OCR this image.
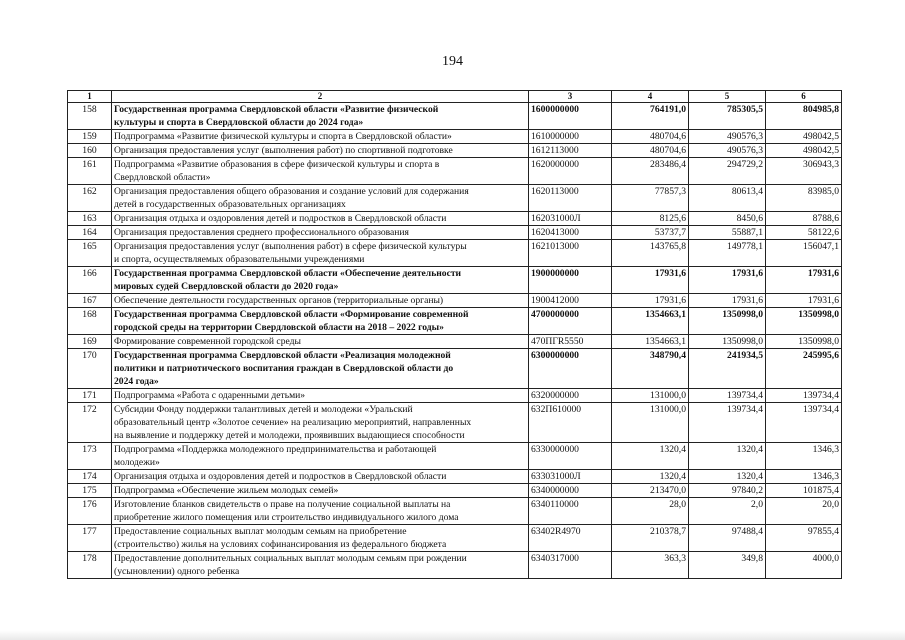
194
1	2	3	4	5	6
158	Государственная программа Свердловской области «Развитие физической
культуры и спорта в Свердловской области до 2024 года»	1600000000	764191,0	785305,5	804985,8
159	Подпрограмма «Развитие физической культуры и спорта в Свердловской области»	1610000000	480704,6	490576,3	498042,5
160	Организация предоставления услуг (выполнения работ) по спортивной подготовке	1612113000	480704,6	490576,3	498042,5
161	Подпрограмма «Развитие образования в сфере физической культуры и спорта в
Свердловской области»	1620000000	283486,4	294729,2	306943,3
162	Организация предоставления общего образования и создание условий для содержания
детей в государственных образовательных организациях	1620113000	77857,3	80613,4	83985,0
163	Организация отдыха и оздоровления детей и подростков в Свердловской области	162031000Л	8125,6	8450,6	8788,6
164	Организация предоставления среднего профессионального образования	1620413000	53737,7	55887,1	58122,6
165	Организация предоставления услуг (выполнения работ) в сфере физической культуры
и спорта, осуществляемых образовательными учреждениями	1621013000	143765,8	149778,1	156047,1
166	Государственная программа Свердловской области «Обеспечение деятельности
мировых судей Свердловской области до 2020 года»	1900000000	17931,6	17931,6	17931,6
167	Обеспечение деятельности государственных органов (территориальные органы)	1900412000	17931,6	17931,6	17931,6
168	Государственная программа Свердловской области «Формирование современной
городской среды на территории Свердловской области на 2018 – 2022 годы»	4700000000	1354663,1	1350998,0	1350998,0
169	Формирование современной городской среды	470ПГR5550	1354663,1	1350998,0	1350998,0
170	Государственная программа Свердловской области «Реализация молодежной
политики и патриотического воспитания граждан в Свердловской области до
2024 года»	6300000000	348790,4	241934,5	245995,6
171	Подпрограмма «Работа с одаренными детьми»	6320000000	131000,0	139734,4	139734,4
172	Субсидии Фонду поддержки талантливых детей и молодежи «Уральский
образовательный центр «Золотое сечение» на реализацию мероприятий, направленных
на выявление и поддержку детей и молодежи, проявивших выдающиеся способности	632П610000	131000,0	139734,4	139734,4
173	Подпрограмма «Поддержка молодежного предпринимательства и работающей
молодежи»	6330000000	1320,4	1320,4	1346,3
174	Организация отдыха и оздоровления детей и подростков в Свердловской области	633031000Л	1320,4	1320,4	1346,3
175	Подпрограмма «Обеспечение жильем молодых семей»	6340000000	213470,0	97840,2	101875,4
176	Изготовление бланков свидетельств о праве на получение социальной выплаты на
приобретение жилого помещения или строительство индивидуального жилого дома	6340110000	28,0	2,0	20,0
177	Предоставление социальных выплат молодым семьям на приобретение
(строительство) жилья на условиях софинансирования из федерального бюджета	63402R4970	210378,7	97488,4	97855,4
178	Предоставление дополнительных социальных выплат молодым семьям при рождении
(усыновлении) одного ребенка	6340317000	363,3	349,8	4000,0
